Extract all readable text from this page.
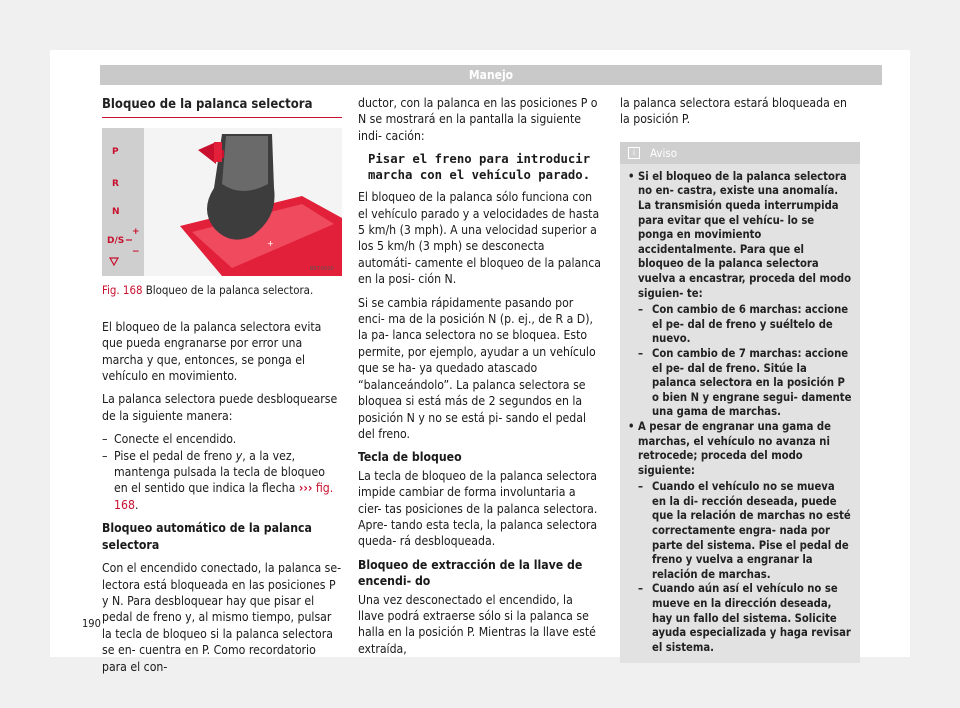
Manejo
Bloqueo de la palanca selectora
P
R
N
D/S
+
−
+
B5T-0010
Fig. 168 Bloqueo de la palanca selectora.

El bloqueo de la palanca selectora evita que pueda engranarse por error una marcha y que, entonces, se ponga el vehículo en movimiento.

La palanca selectora puede desbloquearse de la siguiente manera:

– Conecte el encendido.
– Pise el pedal de freno y, a la vez, mantenga pulsada la tecla de bloqueo en el sentido que indica la flecha ››› fig. 168.

Bloqueo automático de la palanca selectora

Con el encendido conectado, la palanca se- lectora está bloqueada en las posiciones P y N. Para desbloquear hay que pisar el pedal de freno y, al mismo tiempo, pulsar la tecla de bloqueo si la palanca selectora se en- cuentra en P. Como recordatorio para el con-

ductor, con la palanca en las posiciones P o N se mostrará en la pantalla la siguiente indi- cación:

Pisar el freno para introducir marcha con el vehículo parado.

El bloqueo de la palanca sólo funciona con el vehículo parado y a velocidades de hasta 5 km/h (3 mph). A una velocidad superior a los 5 km/h (3 mph) se desconecta automáti- camente el bloqueo de la palanca en la posi- ción N.

Si se cambia rápidamente pasando por enci- ma de la posición N (p. ej., de R a D), la pa- lanca selectora no se bloquea. Esto permite, por ejemplo, ayudar a un vehículo que se ha- ya quedado atascado “balanceándolo”. La palanca selectora se bloquea si está más de 2 segundos en la posición N y no se está pi- sando el pedal del freno.

Tecla de bloqueo

La tecla de bloqueo de la palanca selectora impide cambiar de forma involuntaria a cier- tas posiciones de la palanca selectora. Apre- tando esta tecla, la palanca selectora queda- rá desbloqueada.

Bloqueo de extracción de la llave de encendi- do

Una vez desconectado el encendido, la llave podrá extraerse sólo si la palanca se halla en la posición P. Mientras la llave esté extraída,

la palanca selectora estará bloqueada en la posición P.

i	Aviso
• Si el bloqueo de la palanca selectora no en- castra, existe una anomalía. La transmisión queda interrumpida para evitar que el vehícu- lo se ponga en movimiento accidentalmente. Para que el bloqueo de la palanca selectora vuelva a encastrar, proceda del modo siguien- te:
– Con cambio de 6 marchas: accione el pe- dal de freno y suéltelo de nuevo.
– Con cambio de 7 marchas: accione el pe- dal de freno. Sitúe la palanca selectora en la posición P o bien N y engrane segui- damente una gama de marchas.
• A pesar de engranar una gama de marchas, el vehículo no avanza ni retrocede; proceda del modo siguiente:
– Cuando el vehículo no se mueva en la di- rección deseada, puede que la relación de marchas no esté correctamente engra- nada por parte del sistema. Pise el pedal de freno y vuelva a engranar la relación de marchas.
– Cuando aún así el vehículo no se mueve en la dirección deseada, hay un fallo del sistema. Solicite ayuda especializada y haga revisar el sistema.
190
